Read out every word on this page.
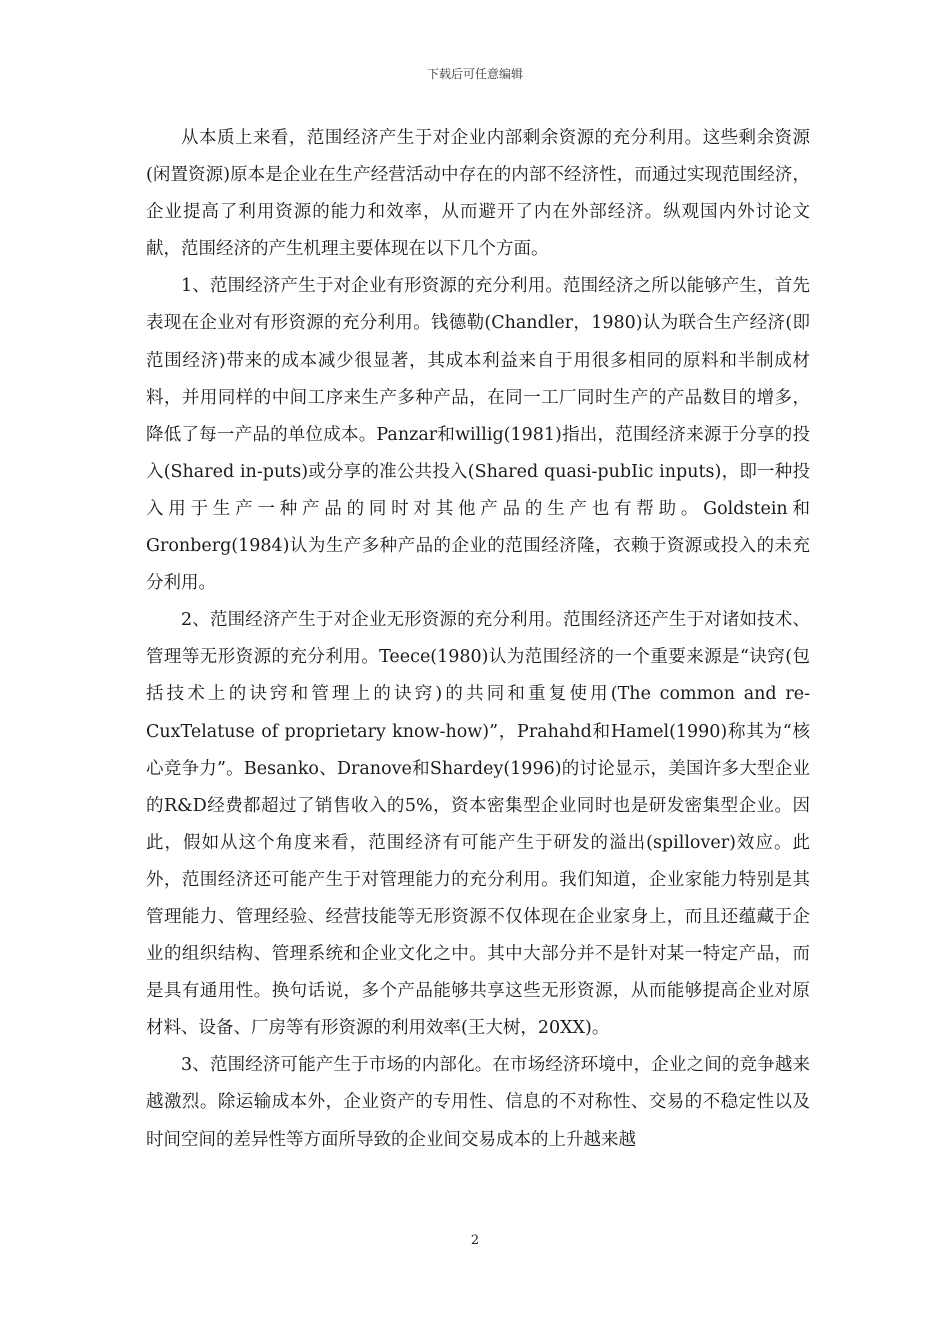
下载后可任意编辑

从本质上来看，范围经济产生于对企业内部剩余资源的充分利用。这些剩余资源(闲置资源)原本是企业在生产经营活动中存在的内部不经济性，而通过实现范围经济，企业提高了利用资源的能力和效率，从而避开了内在外部经济。纵观国内外讨论文献，范围经济的产生机理主要体现在以下几个方面。

1、范围经济产生于对企业有形资源的充分利用。范围经济之所以能够产生，首先表现在企业对有形资源的充分利用。钱德勒(Chandler，1980)认为联合生产经济(即范围经济)带来的成本减少很显著，其成本利益来自于用很多相同的原料和半制成材料，并用同样的中间工序来生产多种产品，在同一工厂同时生产的产品数目的增多，降低了每一产品的单位成本。Panzar和willig(1981)指出，范围经济来源于分享的投入(Shared in-puts)或分享的准公共投入(Shared quasi-pubIic inputs)，即一种投入用于生产一种产品的同时对其他产品的生产也有帮助。Goldstein和Gronberg(1984)认为生产多种产品的企业的范围经济隆，衣赖于资源或投入的未充分利用。

2、范围经济产生于对企业无形资源的充分利用。范围经济还产生于对诸如技术、管理等无形资源的充分利用。Teece(1980)认为范围经济的一个重要来源是“诀窍(包括技术上的诀窍和管理上的诀窍)的共同和重复使用(The common and re-CuxTelatuse of proprietary know-how)”，Prahahd和Hamel(1990)称其为“核心竞争力”。Besanko、Dranove和Shardey(1996)的讨论显示，美国许多大型企业的R&D经费都超过了销售收入的5%，资本密集型企业同时也是研发密集型企业。因此，假如从这个角度来看，范围经济有可能产生于研发的溢出(spillover)效应。此外，范围经济还可能产生于对管理能力的充分利用。我们知道，企业家能力特别是其管理能力、管理经验、经营技能等无形资源不仅体现在企业家身上，而且还蕴藏于企业的组织结构、管理系统和企业文化之中。其中大部分并不是针对某一特定产品，而是具有通用性。换句话说，多个产品能够共享这些无形资源，从而能够提高企业对原材料、设备、厂房等有形资源的利用效率(王大树，20XX)。

3、范围经济可能产生于市场的内部化。在市场经济环境中，企业之间的竞争越来越激烈。除运输成本外，企业资产的专用性、信息的不对称性、交易的不稳定性以及时间空间的差异性等方面所导致的企业间交易成本的上升越来越

2
